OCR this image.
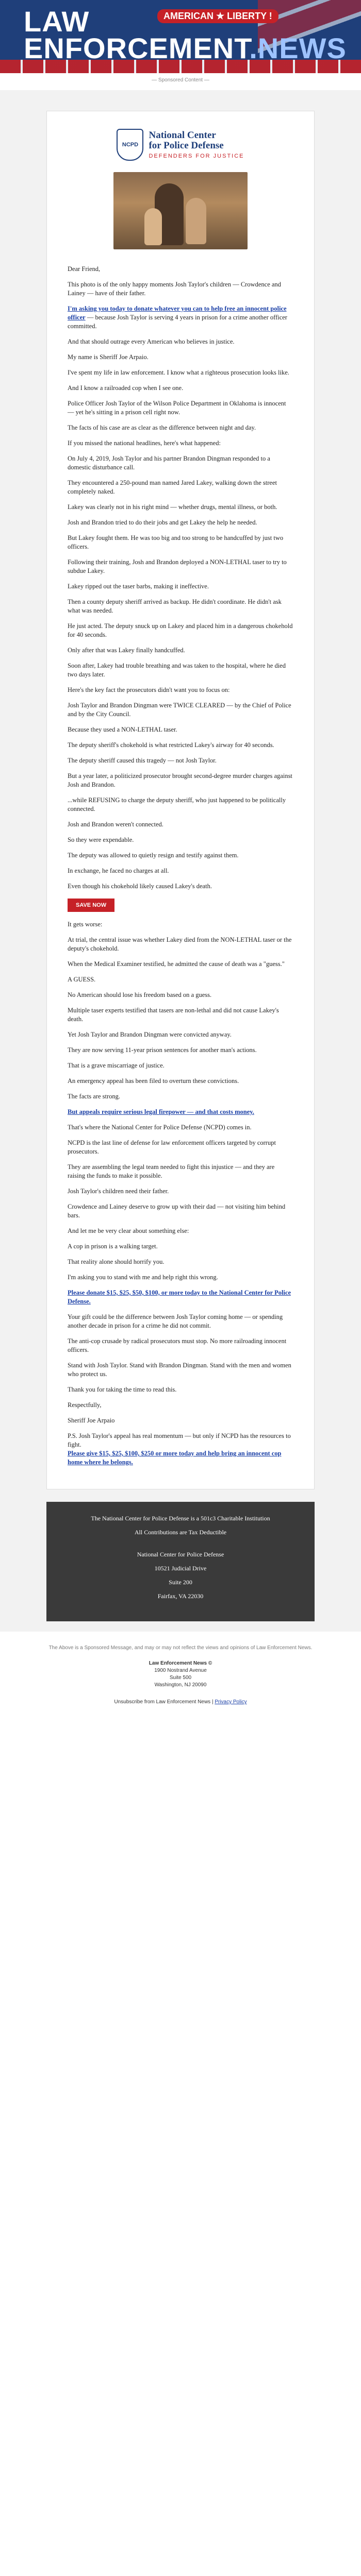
LAW
ENFORCEMENT.NEWS
AMERICAN ★ LIBERTY !
— Sponsored Content —
NCPD
National Center
for Police Defense
DEFENDERS FOR JUSTICE

Dear Friend,

This photo is of the only happy moments Josh Taylor's children — Crowdence and Lainey — have of their father.

I'm asking you today to donate whatever you can to help free an innocent police officer — because Josh Taylor is serving 4 years in prison for a crime another officer committed.

And that should outrage every American who believes in justice.

My name is Sheriff Joe Arpaio.

I've spent my life in law enforcement. I know what a righteous prosecution looks like.

And I know a railroaded cop when I see one.

Police Officer Josh Taylor of the Wilson Police Department in Oklahoma is innocent — yet he's sitting in a prison cell right now.

The facts of his case are as clear as the difference between night and day.

If you missed the national headlines, here's what happened:

On July 4, 2019, Josh Taylor and his partner Brandon Dingman responded to a domestic disturbance call.

They encountered a 250-pound man named Jared Lakey, walking down the street completely naked.

Lakey was clearly not in his right mind — whether drugs, mental illness, or both.

Josh and Brandon tried to do their jobs and get Lakey the help he needed.

But Lakey fought them. He was too big and too strong to be handcuffed by just two officers.

Following their training, Josh and Brandon deployed a NON-LETHAL taser to try to subdue Lakey.

Lakey ripped out the taser barbs, making it ineffective.

Then a county deputy sheriff arrived as backup. He didn't coordinate. He didn't ask what was needed.

He just acted. The deputy snuck up on Lakey and placed him in a dangerous chokehold for 40 seconds.

Only after that was Lakey finally handcuffed.

Soon after, Lakey had trouble breathing and was taken to the hospital, where he died two days later.

Here's the key fact the prosecutors didn't want you to focus on:

Josh Taylor and Brandon Dingman were TWICE CLEARED — by the Chief of Police and by the City Council.

Because they used a NON-LETHAL taser.

The deputy sheriff's chokehold is what restricted Lakey's airway for 40 seconds.

The deputy sheriff caused this tragedy — not Josh Taylor.

But a year later, a politicized prosecutor brought second-degree murder charges against Josh and Brandon.

...while REFUSING to charge the deputy sheriff, who just happened to be politically connected.

Josh and Brandon weren't connected.

So they were expendable.

The deputy was allowed to quietly resign and testify against them.

In exchange, he faced no charges at all.

Even though his chokehold likely caused Lakey's death.

SAVE NOW

It gets worse:

At trial, the central issue was whether Lakey died from the NON-LETHAL taser or the deputy's chokehold.

When the Medical Examiner testified, he admitted the cause of death was a "guess."

A GUESS.

No American should lose his freedom based on a guess.

Multiple taser experts testified that tasers are non-lethal and did not cause Lakey's death.

Yet Josh Taylor and Brandon Dingman were convicted anyway.

They are now serving 11-year prison sentences for another man's actions.

That is a grave miscarriage of justice.

An emergency appeal has been filed to overturn these convictions.

The facts are strong.

But appeals require serious legal firepower — and that costs money.

That's where the National Center for Police Defense (NCPD) comes in.

NCPD is the last line of defense for law enforcement officers targeted by corrupt prosecutors.

They are assembling the legal team needed to fight this injustice — and they are raising the funds to make it possible.

Josh Taylor's children need their father.

Crowdence and Lainey deserve to grow up with their dad — not visiting him behind bars.

And let me be very clear about something else:

A cop in prison is a walking target.

That reality alone should horrify you.

I'm asking you to stand with me and help right this wrong.

Please donate $15, $25, $50, $100, or more today to the National Center for Police Defense.

Your gift could be the difference between Josh Taylor coming home — or spending another decade in prison for a crime he did not commit.

The anti-cop crusade by radical prosecutors must stop. No more railroading innocent officers.

Stand with Josh Taylor. Stand with Brandon Dingman. Stand with the men and women who protect us.

Thank you for taking the time to read this.

Respectfully,

Sheriff Joe Arpaio

P.S. Josh Taylor's appeal has real momentum — but only if NCPD has the resources to fight.
Please give $15, $25, $100, $250 or more today and help bring an innocent cop home where he belongs.

The National Center for Police Defense is a 501c3 Charitable Institution

All Contributions are Tax Deductible

National Center for Police Defense

10521 Judicial Drive

Suite 200

Fairfax, VA 22030

The Above is a Sponsored Message, and may or may not reflect the views and opinions of Law Enforcement News.
Law Enforcement News ©
1900 Nostrand Avenue
Suite 500
Washington, NJ 20090
Unsubscribe from Law Enforcement News | Privacy Policy
